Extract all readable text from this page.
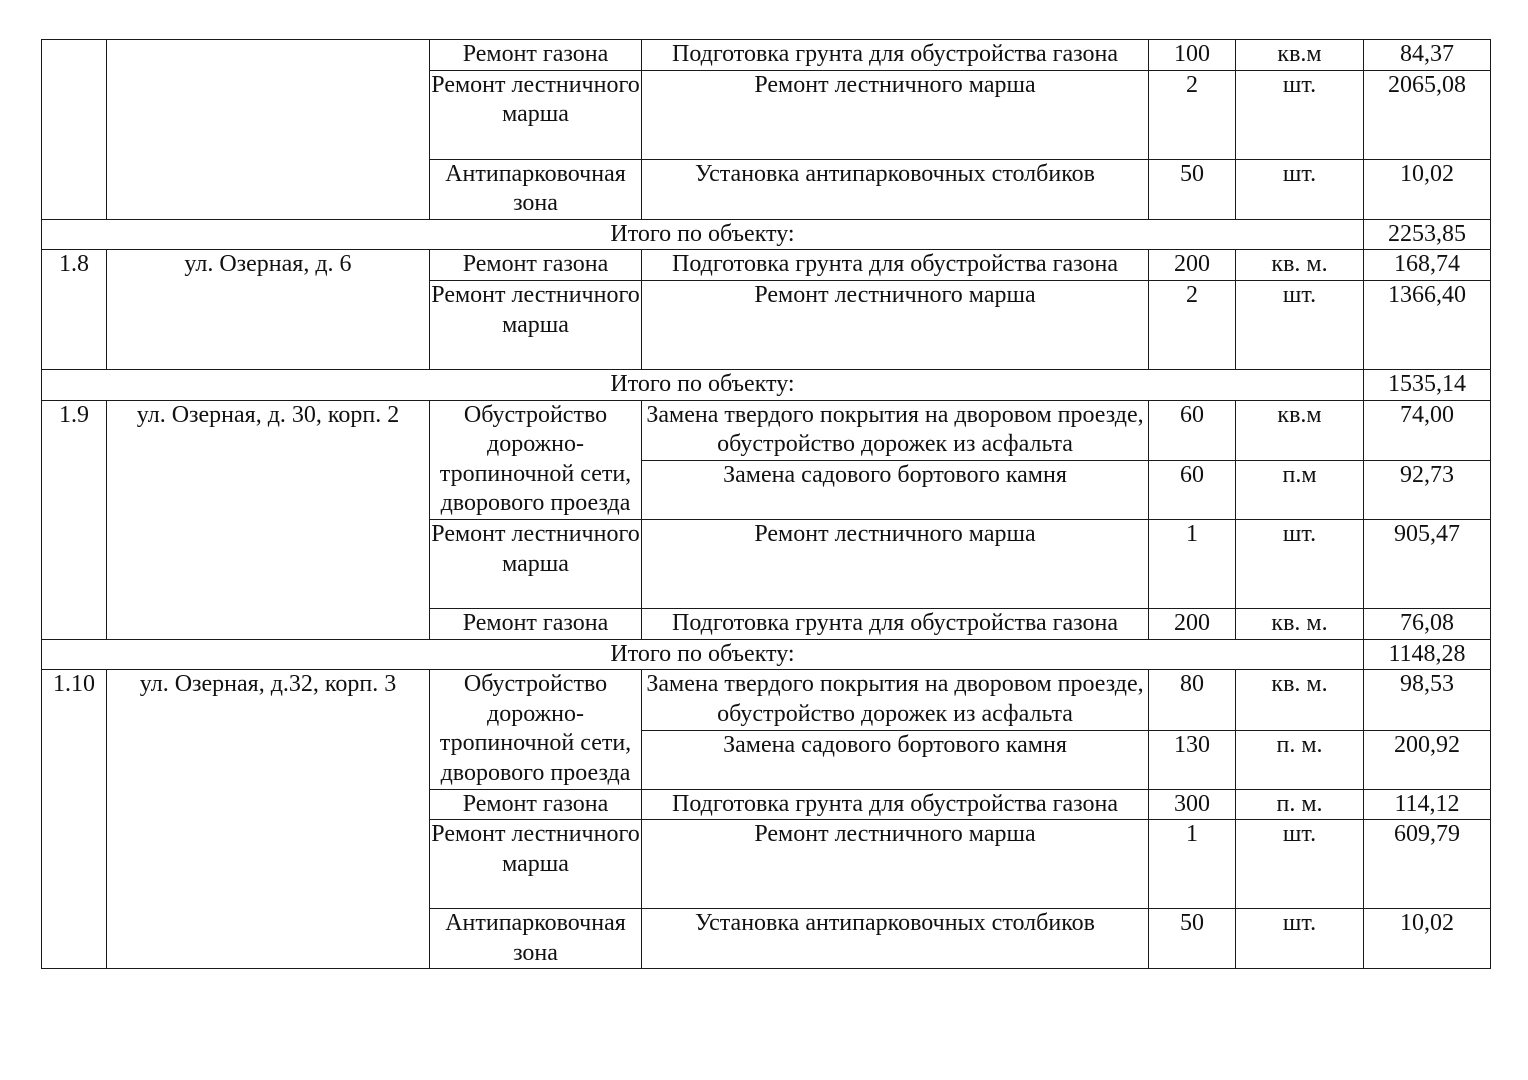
		Ремонт газона	Подготовка грунта для обустройства газона	100	кв.м	84,37
		Ремонт лестничного марша	Ремонт лестничного марша	2	шт.	2065,08
		Антипарковочная зона	Установка антипарковочных столбиков	50	шт.	10,02
Итого по объекту:						2253,85
1.8	ул. Озерная, д. 6	Ремонт газона	Подготовка грунта для обустройства газона	200	кв. м.	168,74
		Ремонт лестничного марша	Ремонт лестничного марша	2	шт.	1366,40
Итого по объекту:						1535,14
1.9	ул. Озерная, д. 30, корп. 2	Обустройство дорожно-тропиночной сети, дворового проезда	Замена твердого покрытия на дворовом проезде,
обустройство дорожек из асфальта	60	кв.м	74,00
			Замена садового бортового камня	60	п.м	92,73
		Ремонт лестничного марша	Ремонт лестничного марша	1	шт.	905,47
		Ремонт газона	Подготовка грунта для обустройства газона	200	кв. м.	76,08
Итого по объекту:						1148,28
1.10	ул. Озерная, д.32, корп. 3	Обустройство дорожно-тропиночной сети, дворового проезда	Замена твердого покрытия на дворовом проезде,
обустройство дорожек из асфальта	80	кв. м.	98,53
			Замена садового бортового камня	130	п. м.	200,92
		Ремонт газона	Подготовка грунта для обустройства газона	300	п. м.	114,12
		Ремонт лестничного марша	Ремонт лестничного марша	1	шт.	609,79
		Антипарковочная зона	Установка антипарковочных столбиков	50	шт.	10,02
